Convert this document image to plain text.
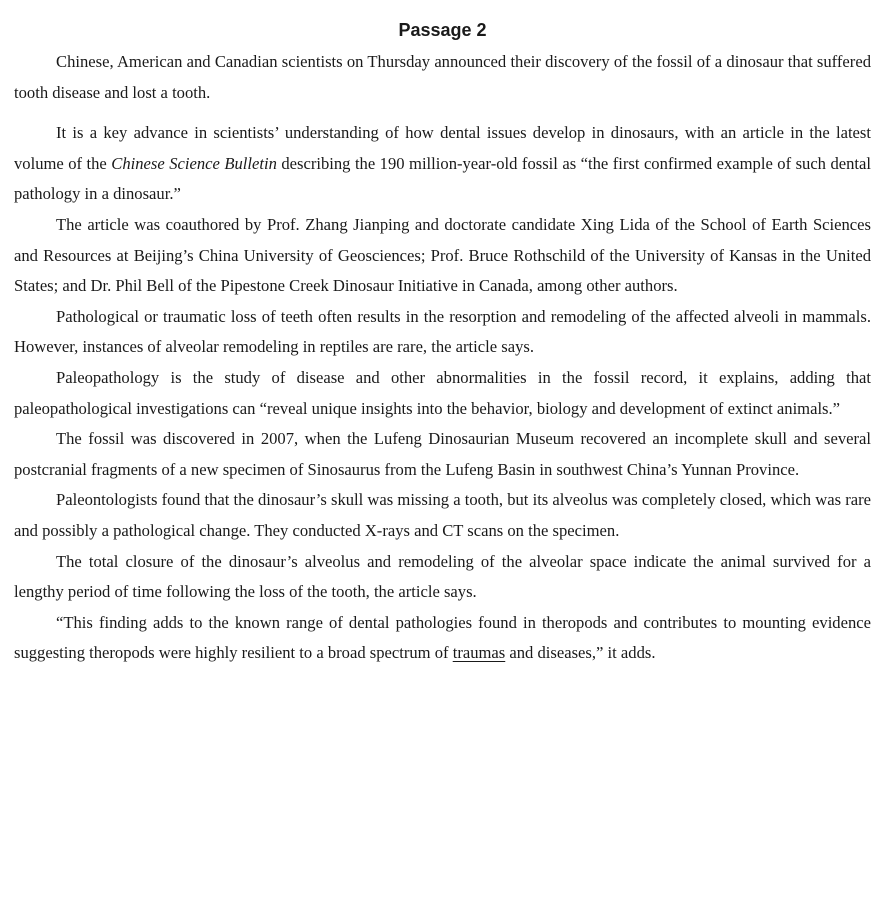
Passage 2

Chinese, American and Canadian scientists on Thursday announced their discovery of the fossil of a dinosaur that suffered tooth disease and lost a tooth.

It is a key advance in scientists’ understanding of how dental issues develop in dinosaurs, with an article in the latest volume of the Chinese Science Bulletin describing the 190 million-year-old fossil as “the first confirmed example of such dental pathology in a dinosaur.”

The article was coauthored by Prof. Zhang Jianping and doctorate candidate Xing Lida of the School of Earth Sciences and Resources at Beijing’s China University of Geosciences; Prof. Bruce Rothschild of the University of Kansas in the United States; and Dr. Phil Bell of the Pipestone Creek Dinosaur Initiative in Canada, among other authors.

Pathological or traumatic loss of teeth often results in the resorption and remodeling of the affected alveoli in mammals. However, instances of alveolar remodeling in reptiles are rare, the article says.

Paleopathology is the study of disease and other abnormalities in the fossil record, it explains, adding that paleopathological investigations can “reveal unique insights into the behavior, biology and development of extinct animals.”

The fossil was discovered in 2007, when the Lufeng Dinosaurian Museum recovered an incomplete skull and several postcranial fragments of a new specimen of Sinosaurus from the Lufeng Basin in southwest China’s Yunnan Province.

Paleontologists found that the dinosaur’s skull was missing a tooth, but its alveolus was completely closed, which was rare and possibly a pathological change. They conducted X-rays and CT scans on the specimen.

The total closure of the dinosaur’s alveolus and remodeling of the alveolar space indicate the animal survived for a lengthy period of time following the loss of the tooth, the article says.

“This finding adds to the known range of dental pathologies found in theropods and contributes to mounting evidence suggesting theropods were highly resilient to a broad spectrum of traumas and diseases,” it adds.
